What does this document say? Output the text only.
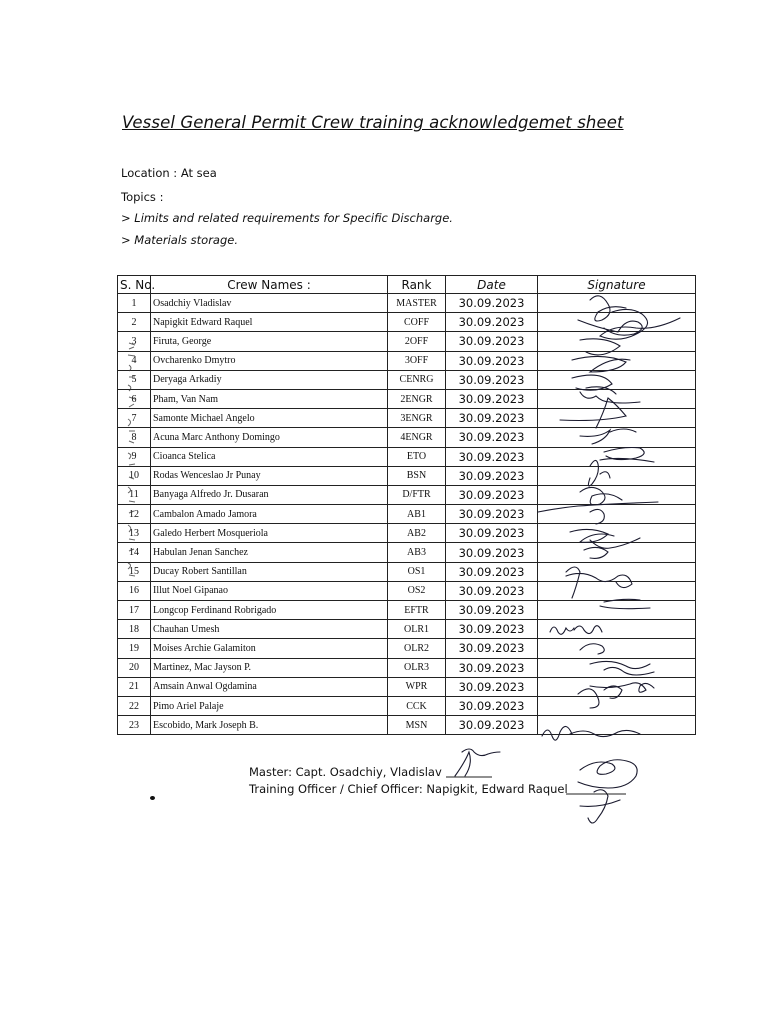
Vessel General Permit Crew training acknowledgemet sheet
Location : At sea
Topics :
> Limits and related requirements for Specific Discharge.
> Materials storage.
S. No.	Crew Names :	Rank	Date	Signature
1	Osadchiy Vladislav	MASTER	30.09.2023	
2	Napigkit Edward Raquel	COFF	30.09.2023	
3	Firuta, George	2OFF	30.09.2023	
4	Ovcharenko Dmytro	3OFF	30.09.2023	
5	Deryaga Arkadiy	CENRG	30.09.2023	
6	Pham, Van Nam	2ENGR	30.09.2023	
7	Samonte Michael Angelo	3ENGR	30.09.2023	
8	Acuna Marc Anthony Domingo	4ENGR	30.09.2023	
9	Cioanca Stelica	ETO	30.09.2023	
10	Rodas Wenceslao Jr Punay	BSN	30.09.2023	
11	Banyaga Alfredo Jr. Dusaran	D/FTR	30.09.2023	
12	Cambalon Amado Jamora	AB1	30.09.2023	
13	Galedo Herbert Mosqueriola	AB2	30.09.2023	
14	Habulan Jenan Sanchez	AB3	30.09.2023	
15	Ducay Robert Santillan	OS1	30.09.2023	
16	Illut Noel Gipanao	OS2	30.09.2023	
17	Longcop Ferdinand Robrigado	EFTR	30.09.2023	
18	Chauhan Umesh	OLR1	30.09.2023	
19	Moises Archie Galamiton	OLR2	30.09.2023	
20	Martinez, Mac Jayson P.	OLR3	30.09.2023	
21	Amsain Anwal Ogdamina	WPR	30.09.2023	
22	Pimo Ariel Palaje	CCK	30.09.2023	
23	Escobido, Mark Joseph B.	MSN	30.09.2023	
Master: Capt. Osadchiy, Vladislav
Training Officer / Chief Officer: Napigkit, Edward Raquel
